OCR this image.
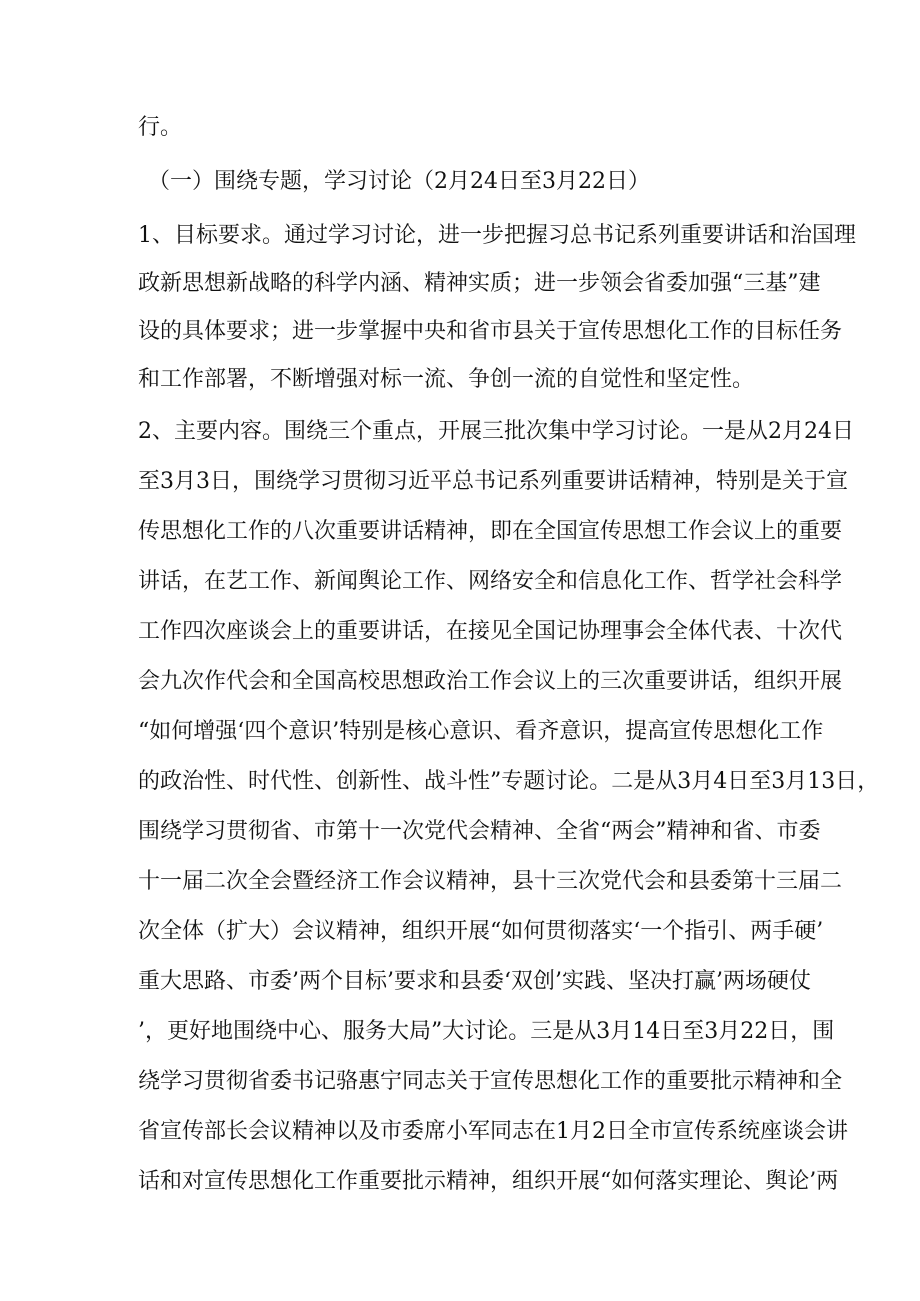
行。

（一）围绕专题，学习讨论（2月24日至3月22日）

1、目标要求。通过学习讨论，进一步把握习总书记系列重要讲话和治国理

政新思想新战略的科学内涵、精神实质；进一步领会省委加强“三基”建

设的具体要求；进一步掌握中央和省市县关于宣传思想化工作的目标任务

和工作部署，不断增强对标一流、争创一流的自觉性和坚定性。

2、主要内容。围绕三个重点，开展三批次集中学习讨论。一是从2月24日

至3月3日，围绕学习贯彻习近平总书记系列重要讲话精神，特别是关于宣

传思想化工作的八次重要讲话精神，即在全国宣传思想工作会议上的重要

讲话，在艺工作、新闻舆论工作、网络安全和信息化工作、哲学社会科学

工作四次座谈会上的重要讲话，在接见全国记协理事会全体代表、十次代

会九次作代会和全国高校思想政治工作会议上的三次重要讲话，组织开展

“如何增强‘四个意识’特别是核心意识、看齐意识，提高宣传思想化工作

的政治性、时代性、创新性、战斗性”专题讨论。二是从3月4日至3月13日，

围绕学习贯彻省、市第十一次党代会精神、全省“两会”精神和省、市委

十一届二次全会暨经济工作会议精神，县十三次党代会和县委第十三届二

次全体（扩大）会议精神，组织开展“如何贯彻落实‘一个指引、两手硬’

重大思路、市委’两个目标’要求和县委‘双创’实践、坚决打赢’两场硬仗

’，更好地围绕中心、服务大局”大讨论。三是从3月14日至3月22日，围

绕学习贯彻省委书记骆惠宁同志关于宣传思想化工作的重要批示精神和全

省宣传部长会议精神以及市委席小军同志在1月2日全市宣传系统座谈会讲

话和对宣传思想化工作重要批示精神，组织开展“如何落实理论、舆论’两
